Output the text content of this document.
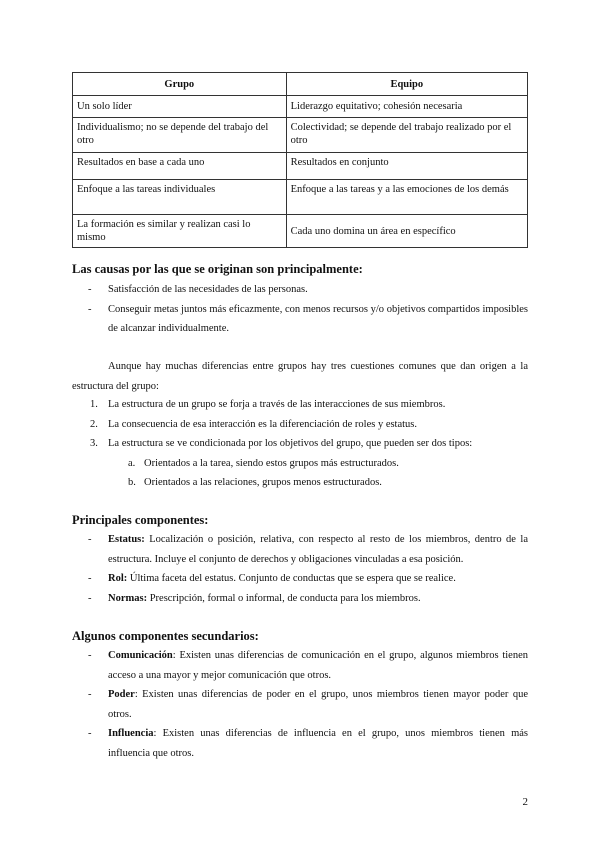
Grupo	Equipo
Un solo líder	Liderazgo equitativo; cohesión necesaria
Individualismo; no se depende del trabajo del otro	Colectividad; se depende del trabajo realizado por el otro
Resultados en base a cada uno	Resultados en conjunto
Enfoque a las tareas individuales	Enfoque a las tareas y a las emociones de los demás
La formación es similar y realizan casi lo mismo	Cada uno domina un área en específico
Las causas por las que se originan son principalmente:
- Satisfacción de las necesidades de las personas.
- Conseguir metas juntos más eficazmente, con menos recursos y/o objetivos compartidos imposibles de alcanzar individualmente.

Aunque hay muchas diferencias entre grupos hay tres cuestiones comunes que dan origen a la estructura del grupo:

1. La estructura de un grupo se forja a través de las interacciones de sus miembros.
2. La consecuencia de esa interacción es la diferenciación de roles y estatus.
3. La estructura se ve condicionada por los objetivos del grupo, que pueden ser dos tipos:
a. Orientados a la tarea, siendo estos grupos más estructurados.
b. Orientados a las relaciones, grupos menos estructurados.
Principales componentes:
- Estatus: Localización o posición, relativa, con respecto al resto de los miembros, dentro de la estructura. Incluye el conjunto de derechos y obligaciones vinculadas a esa posición.
- Rol: Última faceta del estatus. Conjunto de conductas que se espera que se realice.
- Normas: Prescripción, formal o informal, de conducta para los miembros.
Algunos componentes secundarios:
- Comunicación: Existen unas diferencias de comunicación en el grupo, algunos miembros tienen acceso a una mayor y mejor comunicación que otros.
- Poder: Existen unas diferencias de poder en el grupo, unos miembros tienen mayor poder que otros.
- Influencia: Existen unas diferencias de influencia en el grupo, unos miembros tienen más influencia que otros.
2
